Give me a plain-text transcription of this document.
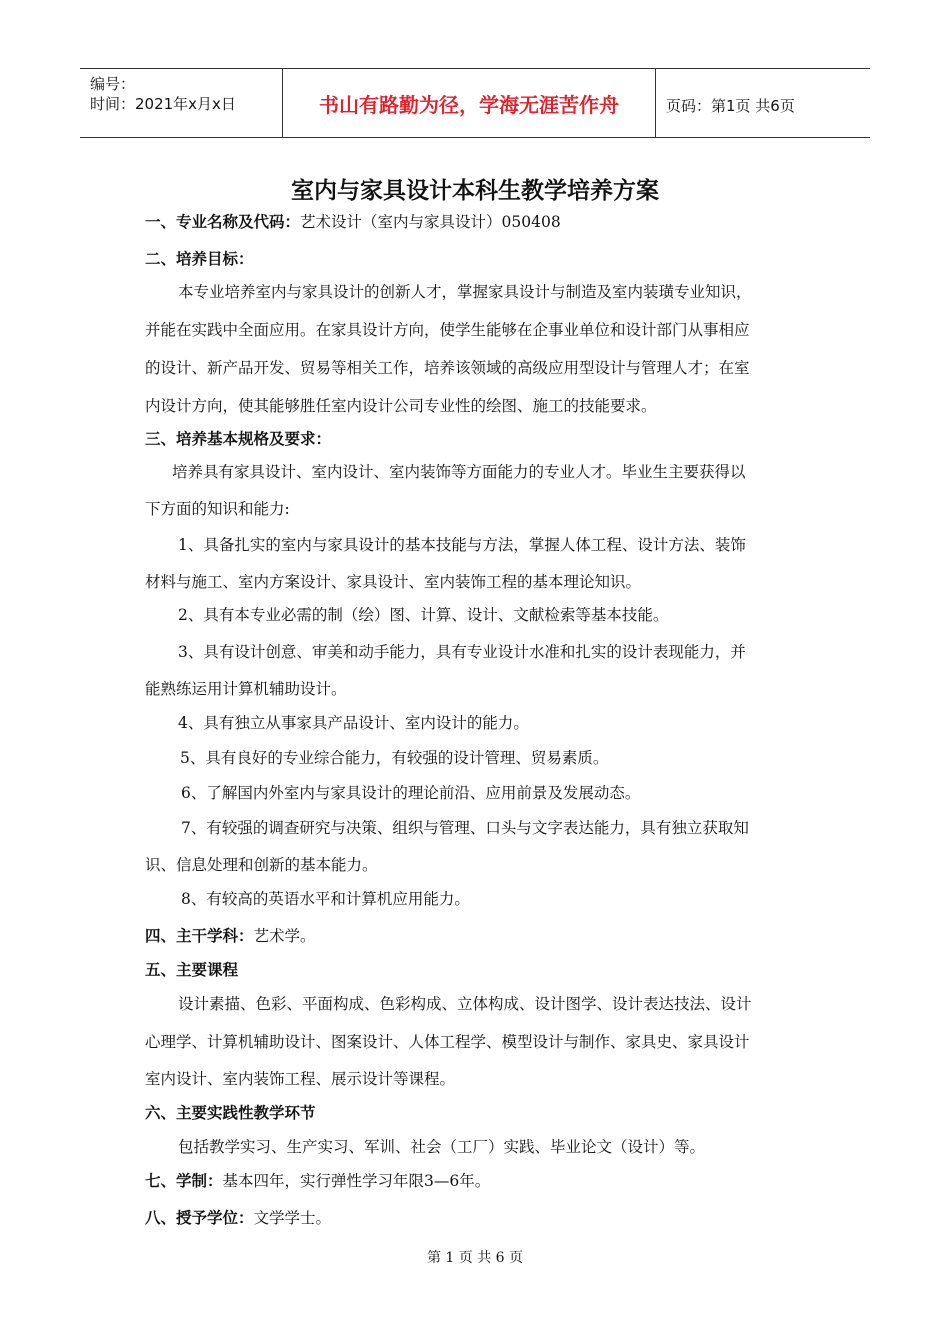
编号：
时间：2021年x月x日	书山有路勤为径，学海无涯苦作舟	页码：第1页 共6页
室内与家具设计本科生教学培养方案
一、专业名称及代码：艺术设计（室内与家具设计）050408
二、培养目标：
本专业培养室内与家具设计的创新人才，掌握家具设计与制造及室内装璜专业知识，
并能在实践中全面应用。在家具设计方向，使学生能够在企事业单位和设计部门从事相应
的设计、新产品开发、贸易等相关工作，培养该领域的高级应用型设计与管理人才；在室
内设计方向，使其能够胜任室内设计公司专业性的绘图、施工的技能要求。
三、培养基本规格及要求：
培养具有家具设计、室内设计、室内装饰等方面能力的专业人才。毕业生主要获得以
下方面的知识和能力:
1、具备扎实的室内与家具设计的基本技能与方法，掌握人体工程、设计方法、装饰
材料与施工、室内方案设计、家具设计、室内装饰工程的基本理论知识。
2、具有本专业必需的制（绘）图、计算、设计、文献检索等基本技能。
3、具有设计创意、审美和动手能力，具有专业设计水准和扎实的设计表现能力，并
能熟练运用计算机辅助设计。
4、具有独立从事家具产品设计、室内设计的能力。
5、具有良好的专业综合能力，有较强的设计管理、贸易素质。
6、了解国内外室内与家具设计的理论前沿、应用前景及发展动态。
7、有较强的调查研究与决策、组织与管理、口头与文字表达能力，具有独立获取知
识、信息处理和创新的基本能力。
8、有较高的英语水平和计算机应用能力。
四、主干学科：艺术学。
五、主要课程
设计素描、色彩、平面构成、色彩构成、立体构成、设计图学、设计表达技法、设计
心理学、计算机辅助设计、图案设计、人体工程学、模型设计与制作、家具史、家具设计
室内设计、室内装饰工程、展示设计等课程。
六、主要实践性教学环节
包括教学实习、生产实习、军训、社会（工厂）实践、毕业论文（设计）等。
七、学制：基本四年，实行弹性学习年限3—6年。
八、授予学位：文学学士。
第 1 页 共 6 页
